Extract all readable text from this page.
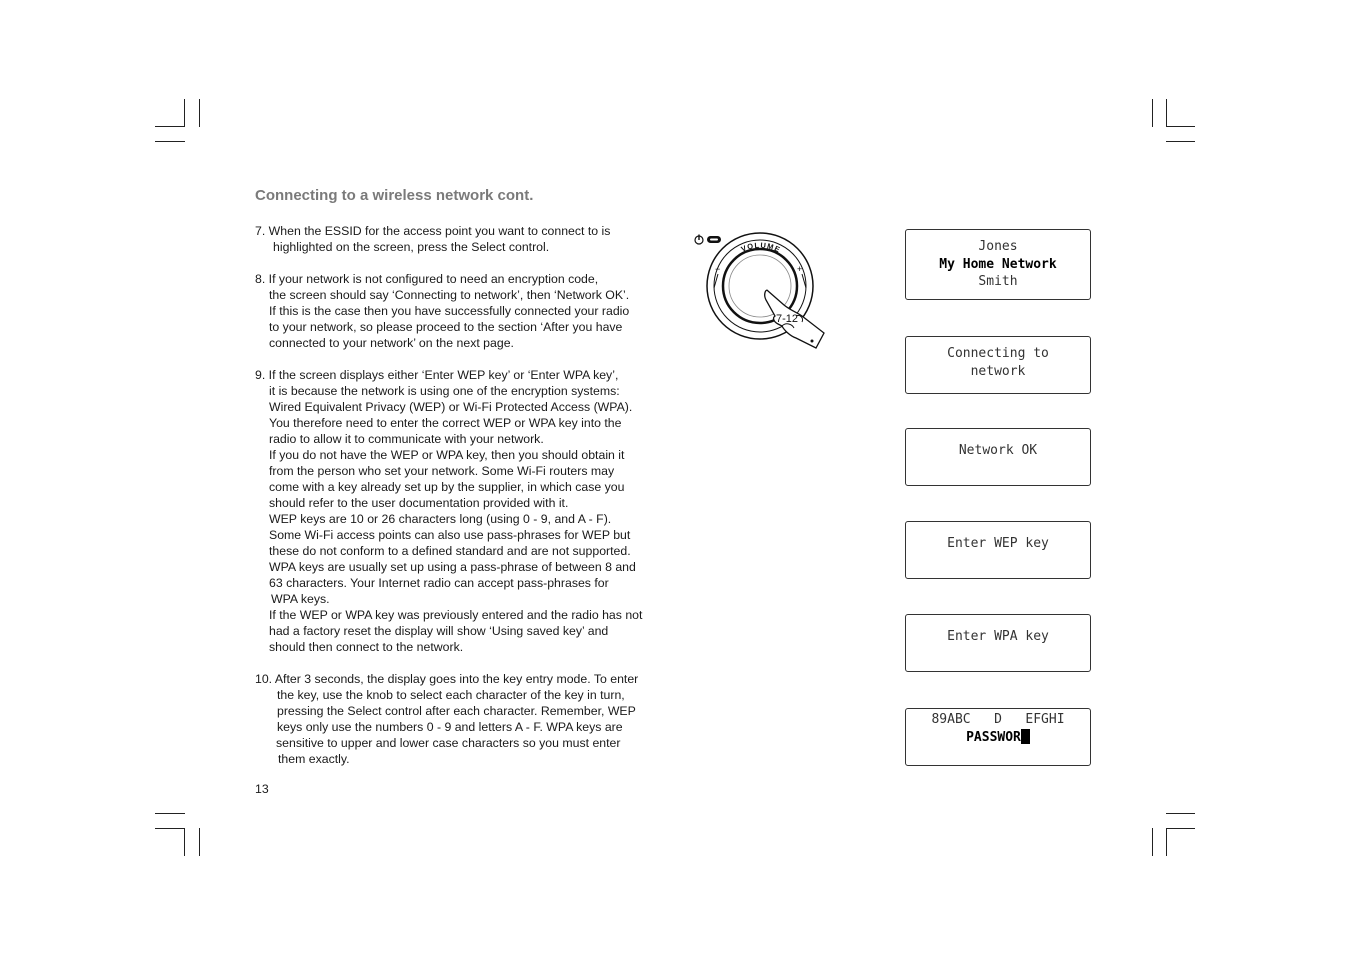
Connecting to a wireless network cont.
7. When the ESSID for the access point you want to connect to is
highlighted on the screen, press the Select control.
8. If your network is not configured to need an encryption code,
the screen should say ‘Connecting to network’, then ‘Network OK’.
If this is the case then you have successfully connected your radio
to your network, so please proceed to the section ‘After you have
connected to your network’ on the next page.
9. If the screen displays either ‘Enter WEP key’ or ‘Enter WPA key’,
it is because the network is using one of the encryption systems:
Wired Equivalent Privacy (WEP) or Wi-Fi Protected Access (WPA).
You therefore need to enter the correct WEP or WPA key into the
radio to allow it to communicate with your network.
If you do not have the WEP or WPA key, then you should obtain it
from the person who set your network. Some Wi-Fi routers may
come with a key already set up by the supplier, in which case you
should refer to the user documentation provided with it.
WEP keys are 10 or 26 characters long (using 0 - 9, and A - F).
Some Wi-Fi access points can also use pass-phrases for WEP but
these do not conform to a defined standard and are not supported.
WPA keys are usually set up using a pass-phrase of between 8 and
63 characters. Your Internet radio can accept pass-phrases for
WPA keys.
If the WEP or WPA key was previously entered and the radio has not
had a factory reset the display will show ‘Using saved key’ and
should then connect to the network.
10. After 3 seconds, the display goes into the key entry mode. To enter
the key, use the knob to select each character of the key in turn,
pressing the Select control after each character. Remember, WEP
keys only use the numbers 0 - 9 and letters A - F. WPA keys are
sensitive to upper and lower case characters so you must enter
them exactly.
13
VOLUME
−	+
7-12
Jones
My Home Network
Smith
Connecting to
network
Network OK
Enter WEP key
Enter WPA key
89ABC   D   EFGHI
PASSWOR
